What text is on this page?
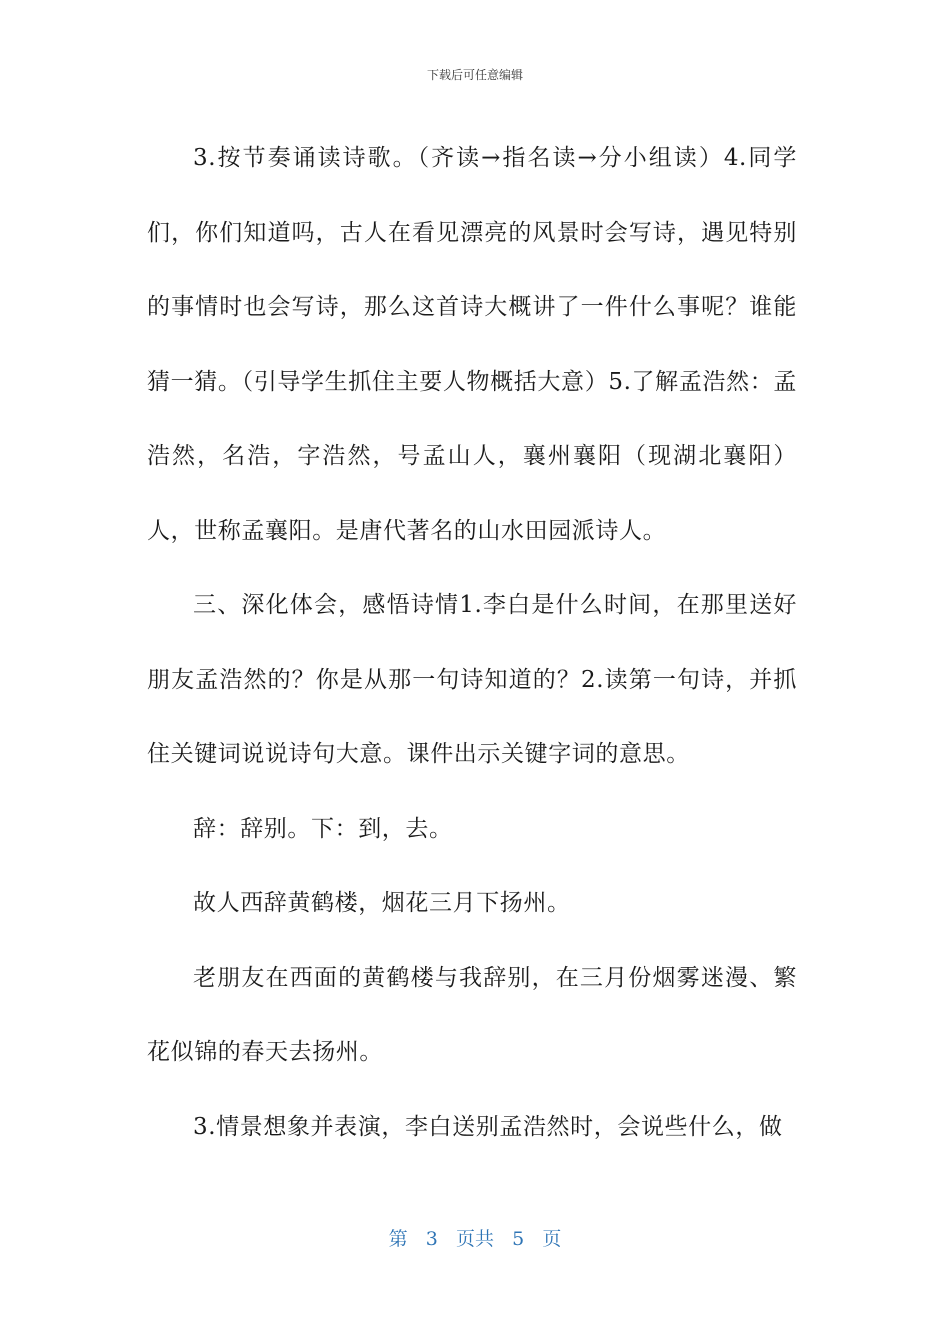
下载后可任意编辑

3.按节奏诵读诗歌。（齐读→指名读→分小组读）4.同学们，你们知道吗，古人在看见漂亮的风景时会写诗，遇见特别的事情时也会写诗，那么这首诗大概讲了一件什么事呢？谁能猜一猜。（引导学生抓住主要人物概括大意）5.了解孟浩然：孟浩然，名浩，字浩然，号孟山人，襄州襄阳（现湖北襄阳）人，世称孟襄阳。是唐代著名的山水田园派诗人。

三、深化体会，感悟诗情1.李白是什么时间，在那里送好朋友孟浩然的？你是从那一句诗知道的？2.读第一句诗，并抓住关键词说说诗句大意。课件出示关键字词的意思。

辞：辞别。下：到，去。

故人西辞黄鹤楼，烟花三月下扬州。

老朋友在西面的黄鹤楼与我辞别，在三月份烟雾迷漫、繁花似锦的春天去扬州。

3.情景想象并表演，李白送别孟浩然时，会说些什么，做

第 3 页共 5 页
